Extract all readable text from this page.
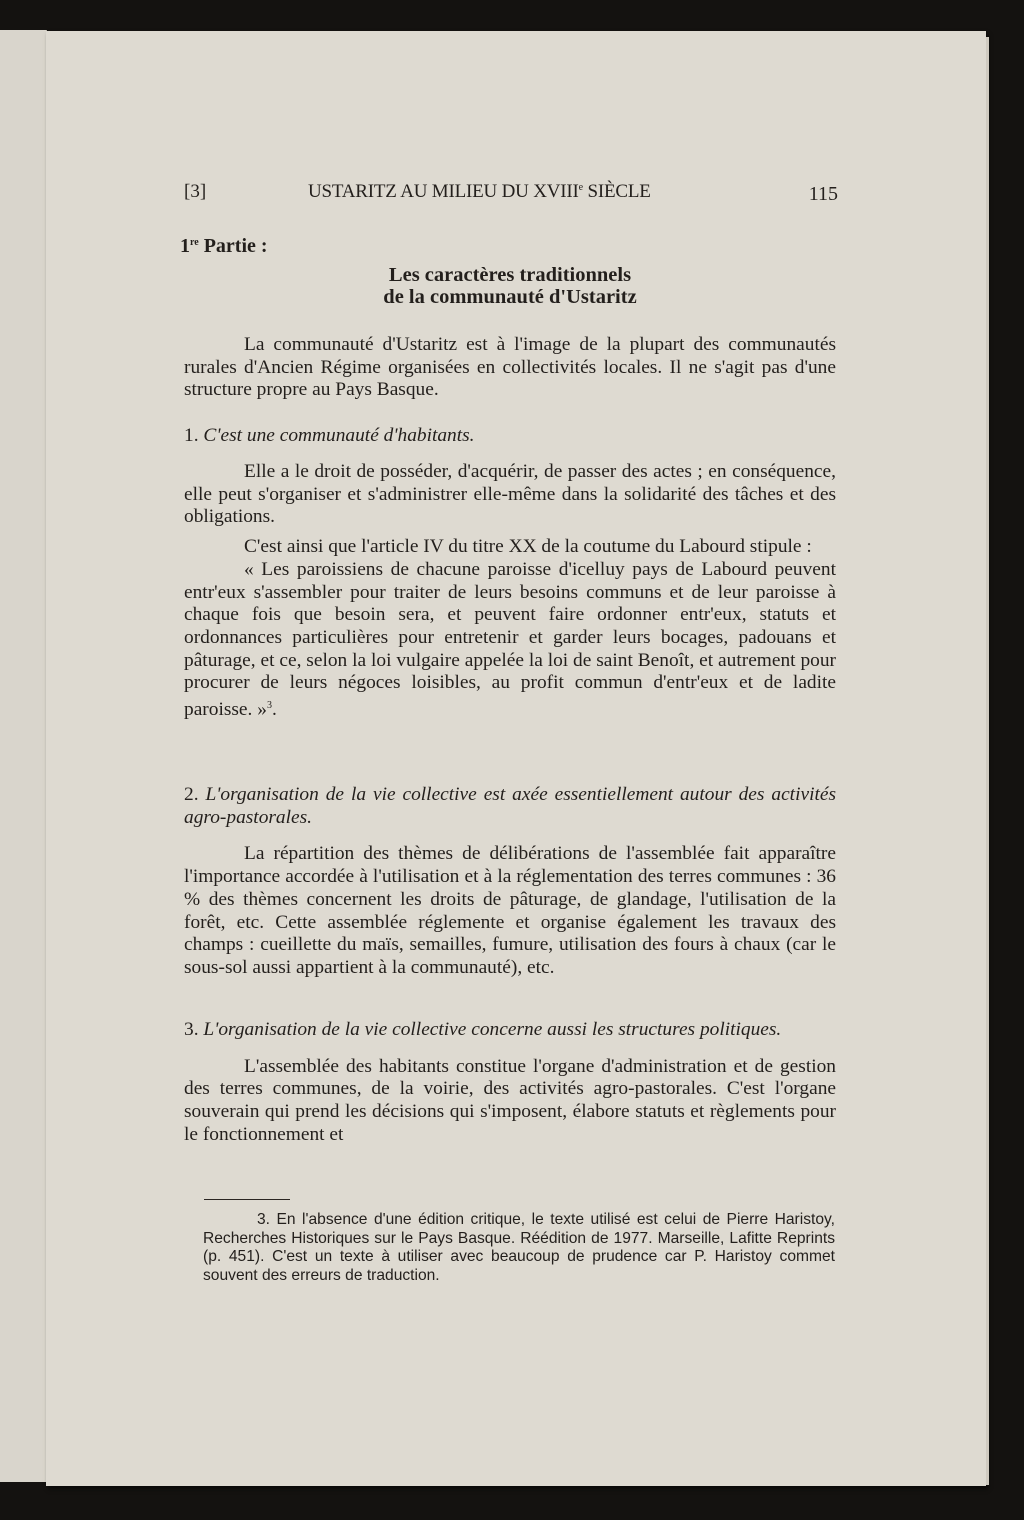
[3]	USTARITZ AU MILIEU DU XVIIIe SIÈCLE	115
1re Partie :
Les caractères traditionnels
de la communauté d'Ustaritz

La communauté d'Ustaritz est à l'image de la plupart des communautés rurales d'Ancien Régime organisées en collectivités locales. Il ne s'agit pas d'une structure propre au Pays Basque.

1. C'est une communauté d'habitants.

Elle a le droit de posséder, d'acquérir, de passer des actes ; en conséquence, elle peut s'organiser et s'administrer elle-même dans la solidarité des tâches et des obligations.

C'est ainsi que l'article IV du titre XX de la coutume du Labourd stipule :

« Les paroissiens de chacune paroisse d'icelluy pays de Labourd peuvent entr'eux s'assembler pour traiter de leurs besoins communs et de leur paroisse à chaque fois que besoin sera, et peuvent faire ordonner entr'eux, statuts et ordonnances particulières pour entretenir et garder leurs bocages, padouans et pâturage, et ce, selon la loi vulgaire appelée la loi de saint Benoît, et autrement pour procurer de leurs négoces loisibles, au profit commun d'entr'eux et de ladite paroisse. »$^3$.

2. L'organisation de la vie collective est axée essentiellement autour des activités agro-pastorales.

La répartition des thèmes de délibérations de l'assemblée fait apparaître l'importance accordée à l'utilisation et à la réglementation des terres communes : 36 % des thèmes concernent les droits de pâturage, de glandage, l'utilisation de la forêt, etc. Cette assemblée réglemente et organise également les travaux des champs : cueillette du maïs, semailles, fumure, utilisation des fours à chaux (car le sous-sol aussi appartient à la communauté), etc.

3. L'organisation de la vie collective concerne aussi les structures politiques.

L'assemblée des habitants constitue l'organe d'administration et de gestion des terres communes, de la voirie, des activités agro-pastorales. C'est l'organe souverain qui prend les décisions qui s'imposent, élabore statuts et règlements pour le fonctionnement et

3. En l'absence d'une édition critique, le texte utilisé est celui de Pierre Haristoy, Recherches Historiques sur le Pays Basque. Réédition de 1977. Marseille, Lafitte Reprints (p. 451). C'est un texte à utiliser avec beaucoup de prudence car P. Haristoy commet souvent des erreurs de traduction.
